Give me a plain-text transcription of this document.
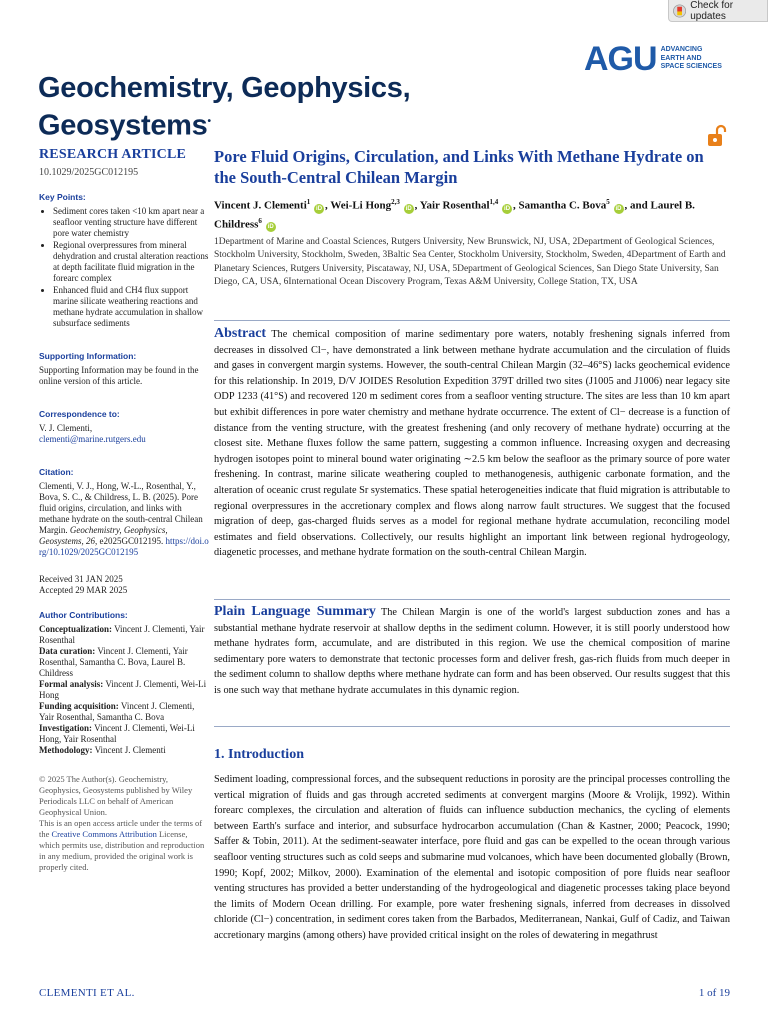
Check for updates
AGU ADVANCING
EARTH AND
SPACE SCIENCES
Geochemistry, Geophysics,
Geosystems•
RESEARCH ARTICLE
10.1029/2025GC012195
Key Points:
• Sediment cores taken <10 km apart near a seafloor venting structure have different pore water chemistry
• Regional overpressures from mineral dehydration and crustal alteration reactions at depth facilitate fluid migration in the forearc complex
• Enhanced fluid and CH4 flux support marine silicate weathering reactions and methane hydrate accumulation in shallow subsurface sediments
Supporting Information:
Supporting Information may be found in the online version of this article.
Correspondence to:
V. J. Clementi,
clementi@marine.rutgers.edu
Citation:
Clementi, V. J., Hong, W.-L., Rosenthal, Y., Bova, S. C., & Childress, L. B. (2025). Pore fluid origins, circulation, and links with methane hydrate on the south-central Chilean Margin. Geochemistry, Geophysics, Geosystems, 26, e2025GC012195. https://doi.org/10.1029/2025GC012195
Received 31 JAN 2025
Accepted 29 MAR 2025
Author Contributions:
Conceptualization: Vincent J. Clementi, Yair Rosenthal
Data curation: Vincent J. Clementi, Yair Rosenthal, Samantha C. Bova, Laurel B. Childress
Formal analysis: Vincent J. Clementi, Wei-Li Hong
Funding acquisition: Vincent J. Clementi, Yair Rosenthal, Samantha C. Bova
Investigation: Vincent J. Clementi, Wei-Li Hong, Yair Rosenthal
Methodology: Vincent J. Clementi
© 2025 The Author(s). Geochemistry, Geophysics, Geosystems published by Wiley Periodicals LLC on behalf of American Geophysical Union.
This is an open access article under the terms of the Creative Commons Attribution License, which permits use, distribution and reproduction in any medium, provided the original work is properly cited.
Pore Fluid Origins, Circulation, and Links With Methane Hydrate on the South-Central Chilean Margin
Vincent J. Clementi$^1$ iD , Wei-Li Hong$^{2,3}$ iD , Yair Rosenthal$^{1,4}$ iD , Samantha C. Bova$^5$ iD , and Laurel B. Childress$^6$ iD
1Department of Marine and Coastal Sciences, Rutgers University, New Brunswick, NJ, USA, 2Department of Geological Sciences, Stockholm University, Stockholm, Sweden, 3Baltic Sea Center, Stockholm University, Stockholm, Sweden, 4Department of Earth and Planetary Sciences, Rutgers University, Piscataway, NJ, USA, 5Department of Geological Sciences, San Diego State University, San Diego, CA, USA, 6International Ocean Discovery Program, Texas A&M University, College Station, TX, USA
Abstract The chemical composition of marine sedimentary pore waters, notably freshening signals inferred from decreases in dissolved Cl−, have demonstrated a link between methane hydrate accumulation and the circulation of fluids and gases in convergent margin systems. However, the south-central Chilean Margin (32–46°S) lacks geochemical evidence for this relationship. In 2019, D/V JOIDES Resolution Expedition 379T drilled two sites (J1005 and J1006) near legacy site ODP 1233 (41°S) and recovered 120 m sediment cores from a seafloor venting structure. The sites are less than 10 km apart but exhibit differences in pore water chemistry and methane hydrate occurrence. The extent of Cl− decrease is a function of distance from the venting structure, with the greatest freshening (and only recovery of methane hydrate) occurring at the closest site. Methane fluxes follow the same pattern, suggesting a common influence. Increasing oxygen and decreasing hydrogen isotopes point to mineral bound water originating ∼2.5 km below the seafloor as the primary source of pore water freshening. In contrast, marine silicate weathering coupled to methanogenesis, authigenic carbonate formation, and the alteration of oceanic crust regulate Sr systematics. These spatial heterogeneities indicate that fluid migration is attributable to regional overpressures in the accretionary complex and flows along narrow fault structures. We suggest that the focused migration of deep, gas-charged fluids serves as a model for regional methane hydrate accumulation, reconciling model estimates and field observations. Collectively, our results highlight an important link between regional hydrogeology, diagenetic processes, and methane hydrate formation on the south-central Chilean Margin.
Plain Language Summary The Chilean Margin is one of the world's largest subduction zones and has a substantial methane hydrate reservoir at shallow depths in the sediment column. However, it is still poorly understood how methane hydrates form, accumulate, and are distributed in this region. We use the chemical composition of marine sedimentary pore waters to demonstrate that tectonic processes form and deliver fresh, gas-rich fluids from much deeper in the sediment column to shallow depths where methane hydrate can form and has been observed. Our results suggest that this is one such way that methane hydrate accumulates in this dynamic region.
1. Introduction
Sediment loading, compressional forces, and the subsequent reductions in porosity are the principal processes controlling the vertical migration of fluids and gas through accreted sediments at convergent margins (Moore & Vrolijk, 1992). Within forearc complexes, the circulation and alteration of fluids can influence subduction mechanics, the cycling of elements between Earth's surface and interior, and subsurface hydrocarbon accumulation (Chan & Kastner, 2000; Peacock, 1990; Saffer & Tobin, 2011). At the sediment-seawater interface, pore fluid and gas can be expelled to the ocean through various seafloor venting structures such as cold seeps and submarine mud volcanoes, which have been documented globally (Brown, 1990; Kopf, 2002; Milkov, 2000). Examination of the elemental and isotopic composition of pore fluids near seafloor venting structures has provided a better understanding of the hydrogeological and diagenetic processes taking place beyond the limits of Modern Ocean drilling. For example, pore water freshening signals, inferred from decreases in dissolved chloride (Cl−) concentration, in sediment cores taken from the Barbados, Mediterranean, Nankai, Gulf of Cadiz, and Taiwan accretionary margins (among others) have provided critical insight on the roles of dewatering in megathrust
CLEMENTI ET AL.	1 of 19
